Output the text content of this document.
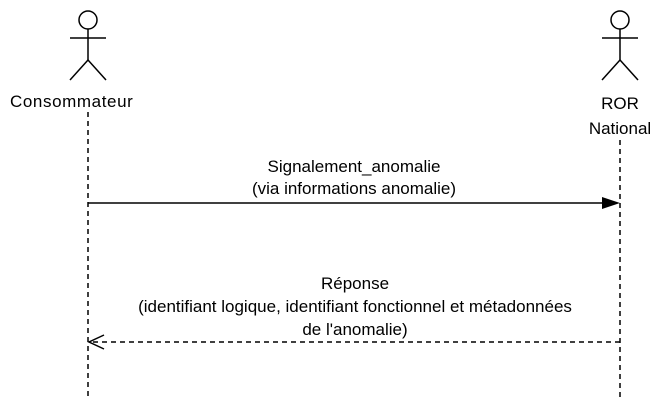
Consommateur	ROR
National
Signalement_anomalie
(via informations anomalie)
Réponse
(identifiant logique, identifiant fonctionnel et métadonnées
de l'anomalie)
